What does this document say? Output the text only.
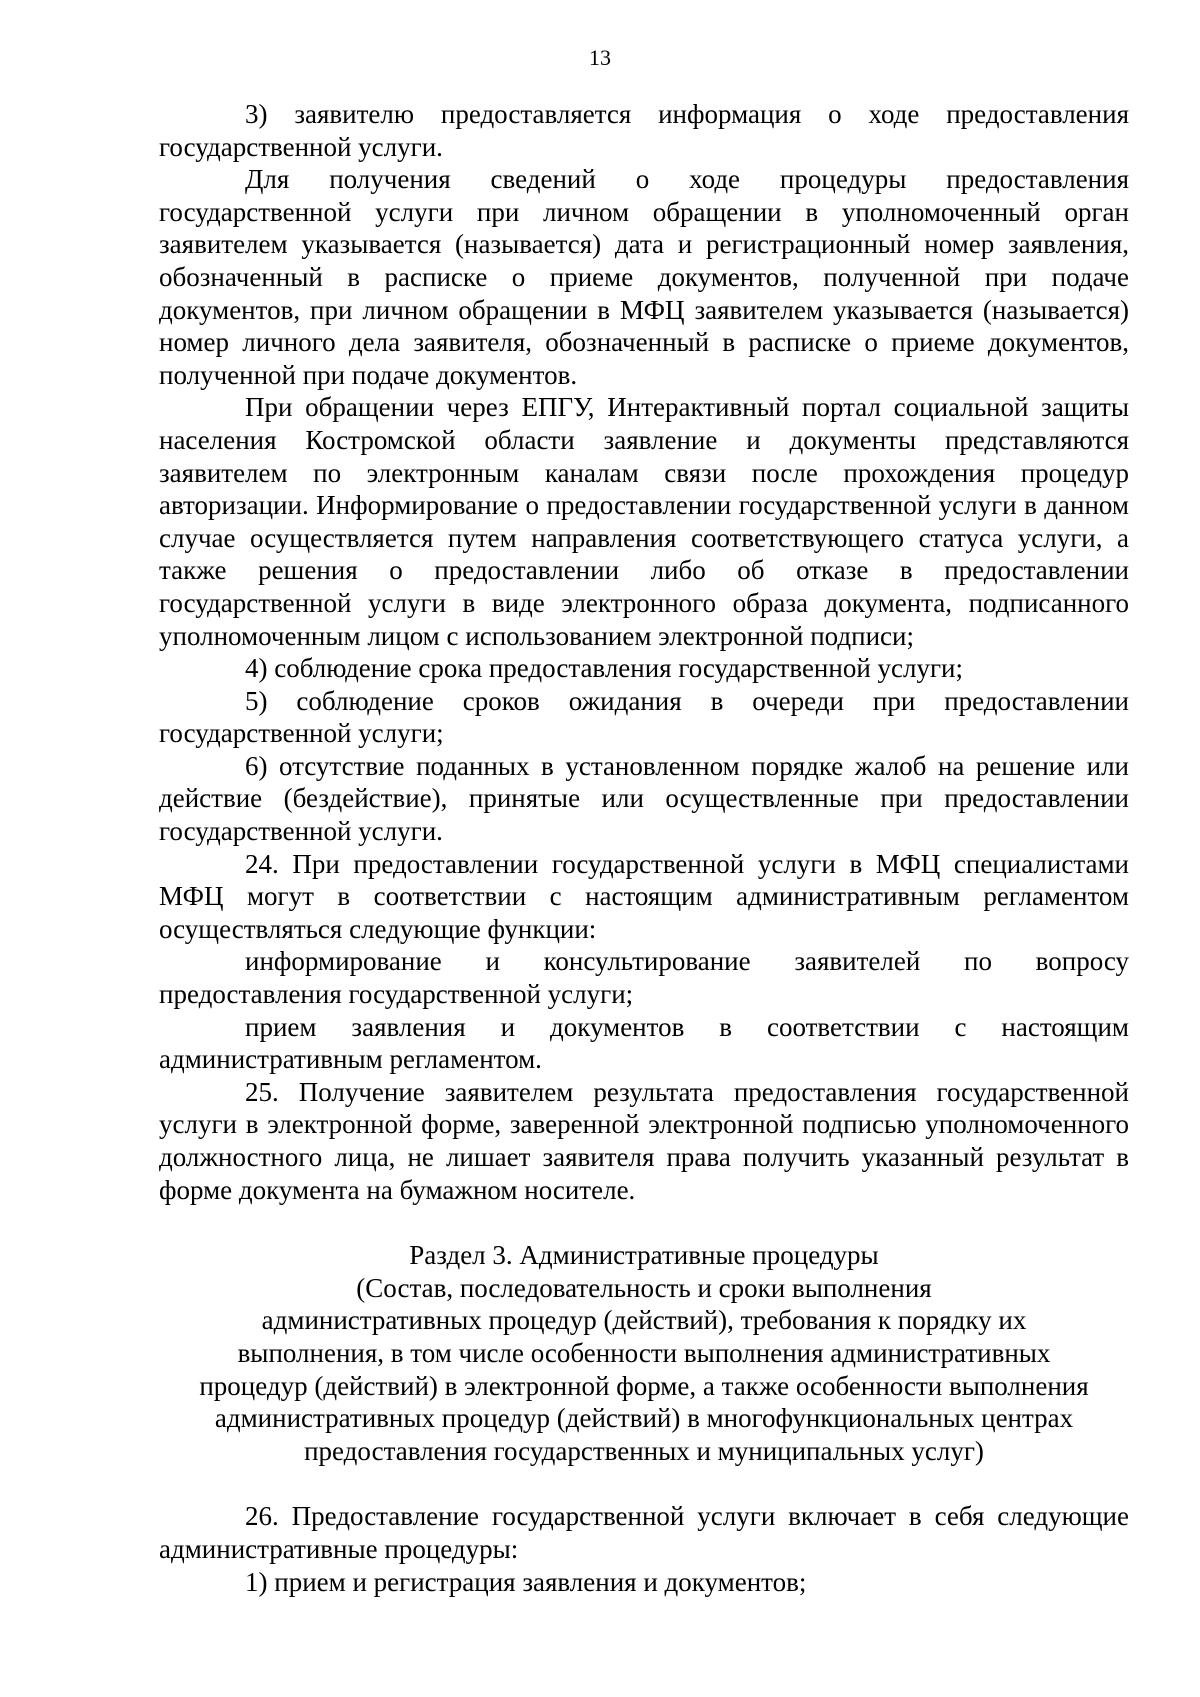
13

3) заявителю предоставляется информация о ходе предоставления государственной услуги.

Для получения сведений о ходе процедуры предоставления государственной услуги при личном обращении в уполномоченный орган заявителем указывается (называется) дата и регистрационный номер заявления, обозначенный в расписке о приеме документов, полученной при подаче документов, при личном обращении в МФЦ заявителем указывается (называется) номер личного дела заявителя, обозначенный в расписке о приеме документов, полученной при подаче документов.

При обращении через ЕПГУ, Интерактивный портал социальной защиты населения Костромской области заявление и документы представляются заявителем по электронным каналам связи после прохождения процедур авторизации. Информирование о предоставлении государственной услуги в данном случае осуществляется путем направления соответствующего статуса услуги, а также решения о предоставлении либо об отказе в предоставлении государственной услуги в виде электронного образа документа, подписанного уполномоченным лицом с использованием электронной подписи;

4) соблюдение срока предоставления государственной услуги;

5) соблюдение сроков ожидания в очереди при предоставлении государственной услуги;

6) отсутствие поданных в установленном порядке жалоб на решение или действие (бездействие), принятые или осуществленные при предоставлении государственной услуги.

24. При предоставлении государственной услуги в МФЦ специалистами МФЦ могут в соответствии с настоящим административным регламентом осуществляться следующие функции:

информирование и консультирование заявителей по вопросу предоставления государственной услуги;

прием заявления и документов в соответствии с настоящим административным регламентом.

25. Получение заявителем результата предоставления государственной услуги в электронной форме, заверенной электронной подписью уполномоченного должностного лица, не лишает заявителя права получить указанный результат в форме документа на бумажном носителе.

Раздел 3. Административные процедуры
(Состав, последовательность и сроки выполнения
административных процедур (действий), требования к порядку их
выполнения, в том числе особенности выполнения административных
процедур (действий) в электронной форме, а также особенности выполнения
административных процедур (действий) в многофункциональных центрах
предоставления государственных и муниципальных услуг)

26. Предоставление государственной услуги включает в себя следующие административные процедуры:

1) прием и регистрация заявления и документов;
